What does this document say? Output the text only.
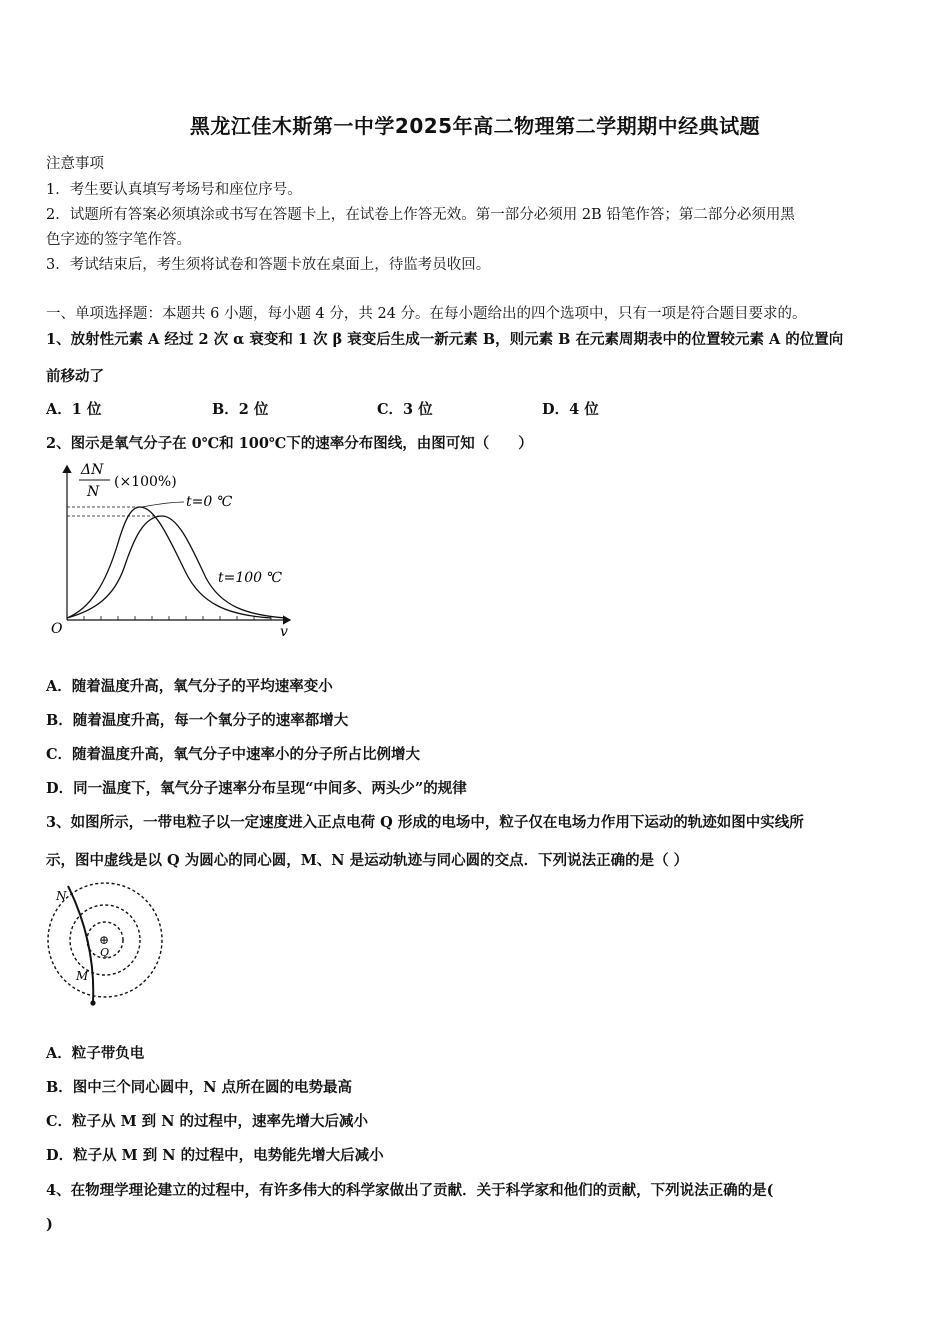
黑龙江佳木斯第一中学2025年高二物理第二学期期中经典试题
注意事项
1．考生要认真填写考场号和座位序号。
2．试题所有答案必须填涂或书写在答题卡上，在试卷上作答无效。第一部分必须用 2B 铅笔作答；第二部分必须用黑
色字迹的签字笔作答。
3．考试结束后，考生须将试卷和答题卡放在桌面上，待监考员收回。
一、单项选择题：本题共 6 小题，每小题 4 分，共 24 分。在每小题给出的四个选项中，只有一项是符合题目要求的。
1、放射性元素 A 经过 2 次 α 衰变和 1 次 β 衰变后生成一新元素 B，则元素 B 在元素周期表中的位置较元素 A 的位置向
前移动了
A．1 位	B．2 位	C．3 位	D．4 位
2、图示是氧气分子在 0℃和 100℃下的速率分布图线，由图可知（　　）
ΔN
N
(×100%)
t=0 ℃
t=100 ℃
O	v
A．随着温度升高，氧气分子的平均速率变小
B．随着温度升高，每一个氧分子的速率都增大
C．随着温度升高，氧气分子中速率小的分子所占比例增大
D．同一温度下，氧气分子速率分布呈现“中间多、两头少”的规律
3、如图所示，一带电粒子以一定速度进入正点电荷 Q 形成的电场中，粒子仅在电场力作用下运动的轨迹如图中实线所
示，图中虚线是以 Q 为圆心的同心圆，M、N 是运动轨迹与同心圆的交点．下列说法正确的是（ ）
⊕
Q
N
M
A．粒子带负电
B．图中三个同心圆中，N 点所在圆的电势最高
C．粒子从 M 到 N 的过程中，速率先增大后减小
D．粒子从 M 到 N 的过程中，电势能先增大后减小
4、在物理学理论建立的过程中，有许多伟大的科学家做出了贡献．关于科学家和他们的贡献，下列说法正确的是(
)
